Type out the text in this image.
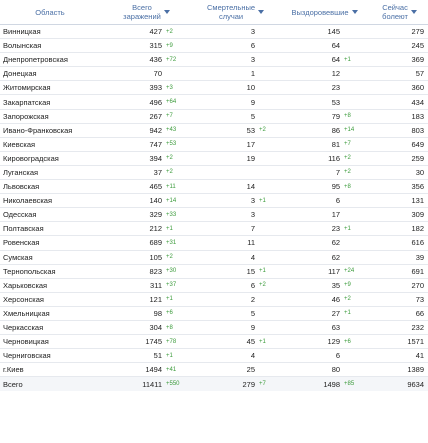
Область	Всего
заражений		Смертельные
случаи		Выздоровевшие		Сейчас
болеют

Винницкая	427	+2	3		145		279
Волынская	315	+9	6		64		245
Днепропетровская	436	+72	3		64	+1	369
Донецкая	70		1		12		57
Житомирская	393	+3	10		23		360
Закарпатская	496	+64	9		53		434
Запорожская	267	+7	5		79	+8	183
Ивано-Франковская	942	+43	53	+2	86	+14	803
Киевская	747	+53	17		81	+7	649
Кировоградская	394	+2	19		116	+2	259
Луганская	37	+2			7	+2	30
Львовская	465	+11	14		95	+8	356
Николаевская	140	+14	3	+1	6		131
Одесская	329	+33	3		17		309
Полтавская	212	+1	7		23	+1	182
Ровенская	689	+31	11		62		616
Сумская	105	+2	4		62		39
Тернопольская	823	+30	15	+1	117	+24	691
Харьковская	311	+37	6	+2	35	+9	270
Херсонская	121	+1	2		46	+2	73
Хмельницкая	98	+6	5		27	+1	66
Черкасская	304	+8	9		63		232
Черновицкая	1745	+78	45	+1	129	+6	1571
Черниговская	51	+1	4		6		41
г.Киев	1494	+41	25		80		1389
Всего	11411	+550	279	+7	1498	+85	9634
